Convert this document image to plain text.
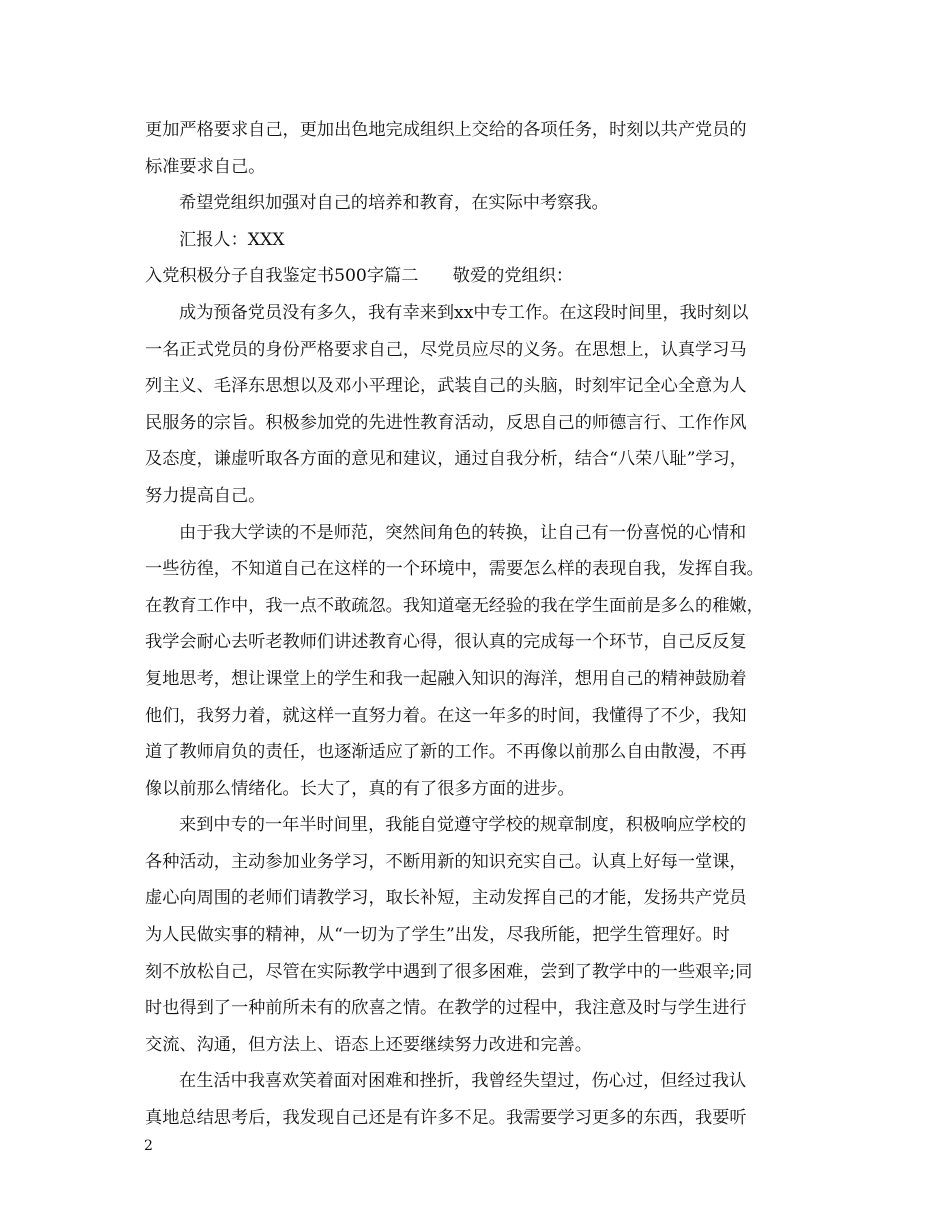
更加严格要求自己，更加出色地完成组织上交给的各项任务，时刻以共产党员的
标准要求自己。
希望党组织加强对自己的培养和教育，在实际中考察我。
汇报人：XXX
入党积极分子自我鉴定书500字篇二　　敬爱的党组织：
成为预备党员没有多久，我有幸来到xx中专工作。在这段时间里，我时刻以
一名正式党员的身份严格要求自己，尽党员应尽的义务。在思想上，认真学习马
列主义、毛泽东思想以及邓小平理论，武装自己的头脑，时刻牢记全心全意为人
民服务的宗旨。积极参加党的先进性教育活动，反思自己的师德言行、工作作风
及态度，谦虚听取各方面的意见和建议，通过自我分析，结合“八荣八耻”学习，
努力提高自己。
由于我大学读的不是师范，突然间角色的转换，让自己有一份喜悦的心情和
一些彷徨，不知道自己在这样的一个环境中，需要怎么样的表现自我，发挥自我。
在教育工作中，我一点不敢疏忽。我知道毫无经验的我在学生面前是多么的稚嫩，
我学会耐心去听老教师们讲述教育心得，很认真的完成每一个环节，自己反反复
复地思考，想让课堂上的学生和我一起融入知识的海洋，想用自己的精神鼓励着
他们，我努力着，就这样一直努力着。在这一年多的时间，我懂得了不少，我知
道了教师肩负的责任，也逐渐适应了新的工作。不再像以前那么自由散漫，不再
像以前那么情绪化。长大了，真的有了很多方面的进步。
来到中专的一年半时间里，我能自觉遵守学校的规章制度，积极响应学校的
各种活动，主动参加业务学习，不断用新的知识充实自己。认真上好每一堂课，
虚心向周围的老师们请教学习，取长补短，主动发挥自己的才能，发扬共产党员
为人民做实事的精神，从“一切为了学生”出发，尽我所能，把学生管理好。时
刻不放松自己，尽管在实际教学中遇到了很多困难，尝到了教学中的一些艰辛;同
时也得到了一种前所未有的欣喜之情。在教学的过程中，我注意及时与学生进行
交流、沟通，但方法上、语态上还要继续努力改进和完善。
在生活中我喜欢笑着面对困难和挫折，我曾经失望过，伤心过，但经过我认
真地总结思考后，我发现自己还是有许多不足。我需要学习更多的东西，我要听
2
